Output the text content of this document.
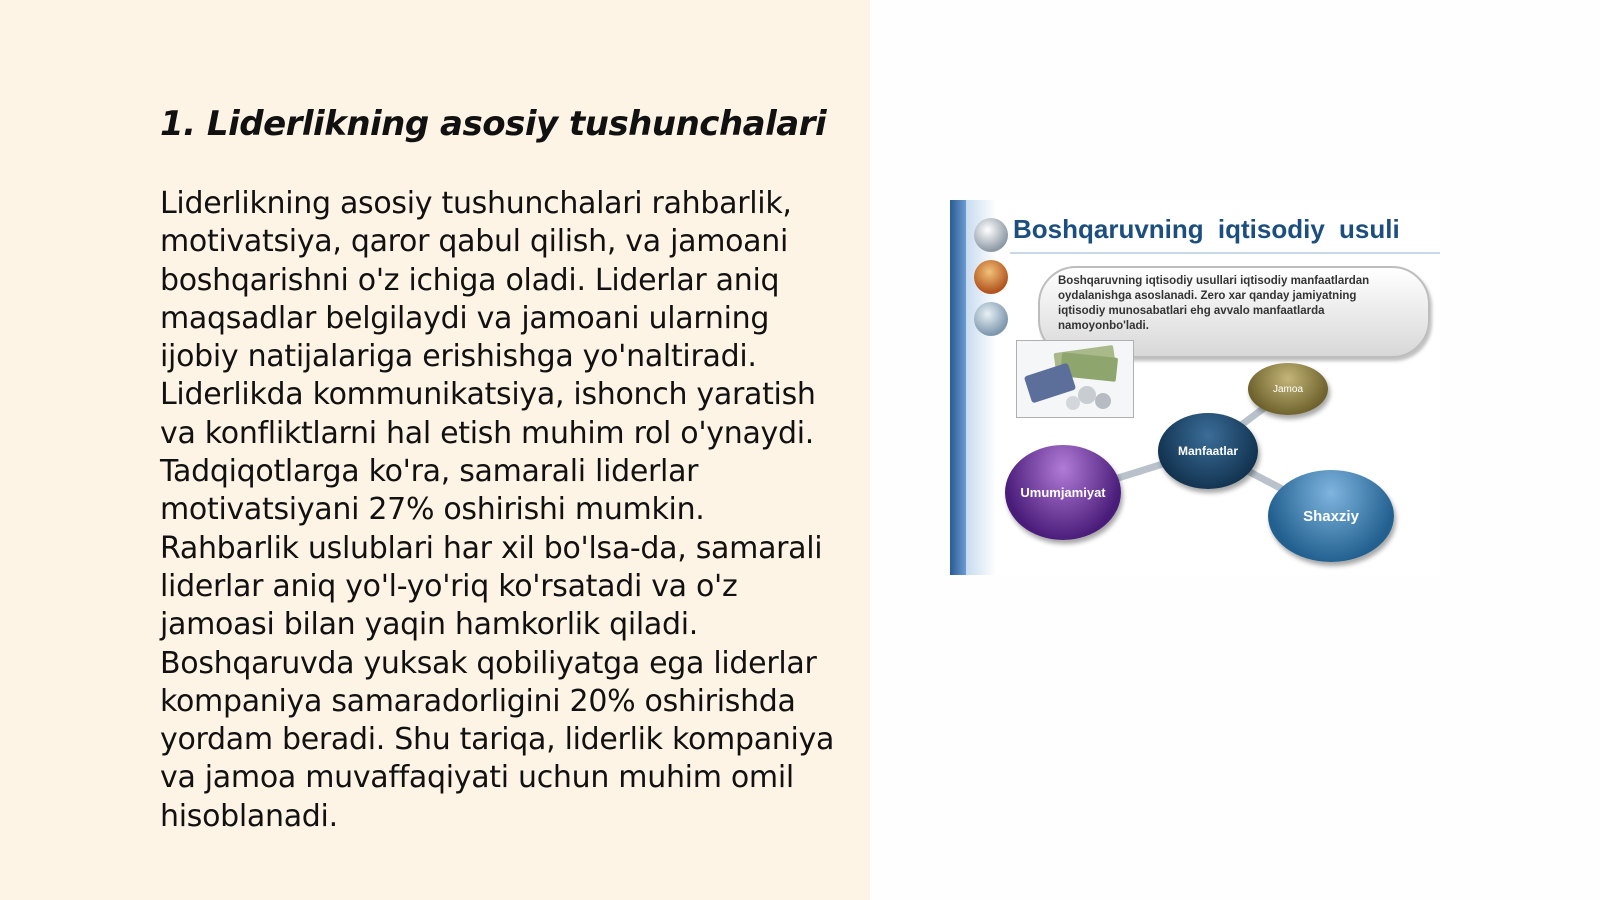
1. Liderlikning asosiy tushunchalari

Liderlikning asosiy tushunchalari rahbarlik, motivatsiya, qaror qabul qilish, va jamoani boshqarishni o'z ichiga oladi. Liderlar aniq maqsadlar belgilaydi va jamoani ularning ijobiy natijalariga erishishga yo'naltiradi. Liderlikda kommunikatsiya, ishonch yaratish va konfliktlarni hal etish muhim rol o'ynaydi. Tadqiqotlarga ko'ra, samarali liderlar motivatsiyani 27% oshirishi mumkin. Rahbarlik uslublari har xil bo'lsa-da, samarali liderlar aniq yo'l-yo'riq ko'rsatadi va o'z jamoasi bilan yaqin hamkorlik qiladi. Boshqaruvda yuksak qobiliyatga ega liderlar kompaniya samaradorligini 20% oshirishda yordam beradi. Shu tariqa, liderlik kompaniya va jamoa muvaffaqiyati uchun muhim omil hisoblanadi.

Boshqaruvning iqtisodiy usuli
Boshqaruvning iqtisodiy usullari iqtisodiy manfaatlardan
oydalanishga asoslanadi. Zero xar qanday jamiyatning
iqtisodiy munosabatlari ehg avvalo manfaatlarda
namoyonbo'ladi.
Jamoa
Manfaatlar
Umumjamiyat
Shaxziy
